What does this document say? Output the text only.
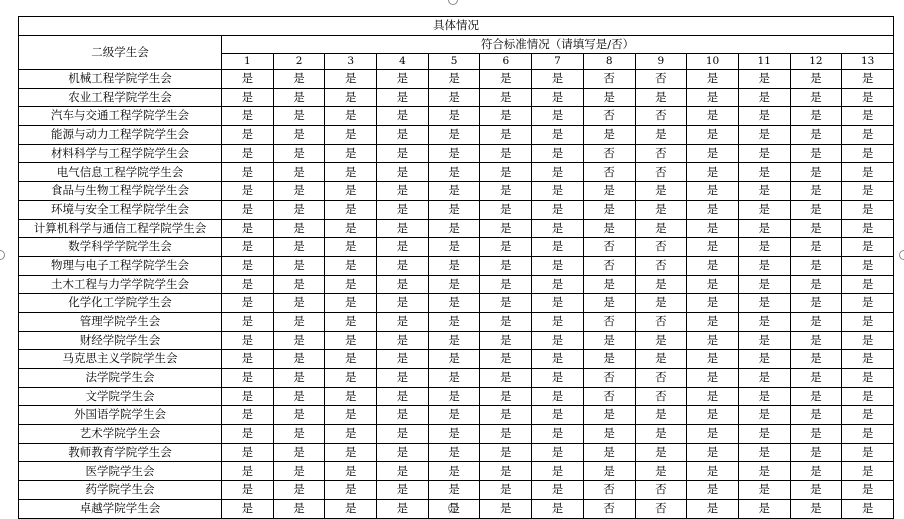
具体情况													
二级学生会	符合标准情况（请填写是/否）												
	1	2	3	4	5	6	7	8	9	10	11	12	13
机械工程学院学生会	是	是	是	是	是	是	是	否	否	是	是	是	是
农业工程学院学生会	是	是	是	是	是	是	是	是	是	是	是	是	是
汽车与交通工程学院学生会	是	是	是	是	是	是	是	否	否	是	是	是	是
能源与动力工程学院学生会	是	是	是	是	是	是	是	是	是	是	是	是	是
材料科学与工程学院学生会	是	是	是	是	是	是	是	否	否	是	是	是	是
电气信息工程学院学生会	是	是	是	是	是	是	是	否	否	是	是	是	是
食品与生物工程学院学生会	是	是	是	是	是	是	是	是	是	是	是	是	是
环境与安全工程学院学生会	是	是	是	是	是	是	是	是	是	是	是	是	是
计算机科学与通信工程学院学生会	是	是	是	是	是	是	是	是	是	是	是	是	是
数学科学学院学生会	是	是	是	是	是	是	是	否	否	是	是	是	是
物理与电子工程学院学生会	是	是	是	是	是	是	是	否	否	是	是	是	是
土木工程与力学学院学生会	是	是	是	是	是	是	是	是	是	是	是	是	是
化学化工学院学生会	是	是	是	是	是	是	是	是	是	是	是	是	是
管理学院学生会	是	是	是	是	是	是	是	否	否	是	是	是	是
财经学院学生会	是	是	是	是	是	是	是	是	是	是	是	是	是
马克思主义学院学生会	是	是	是	是	是	是	是	是	是	是	是	是	是
法学院学生会	是	是	是	是	是	是	是	否	否	是	是	是	是
文学院学生会	是	是	是	是	是	是	是	否	否	是	是	是	是
外国语学院学生会	是	是	是	是	是	是	是	是	是	是	是	是	是
艺术学院学生会	是	是	是	是	是	是	是	是	是	是	是	是	是
教师教育学院学生会	是	是	是	是	是	是	是	是	是	是	是	是	是
医学院学生会	是	是	是	是	是	是	是	是	是	是	是	是	是
药学院学生会	是	是	是	是	是	是	是	否	否	是	是	是	是
卓越学院学生会	是	是	是	是	是	是	是	否	否	是	是	是	是
